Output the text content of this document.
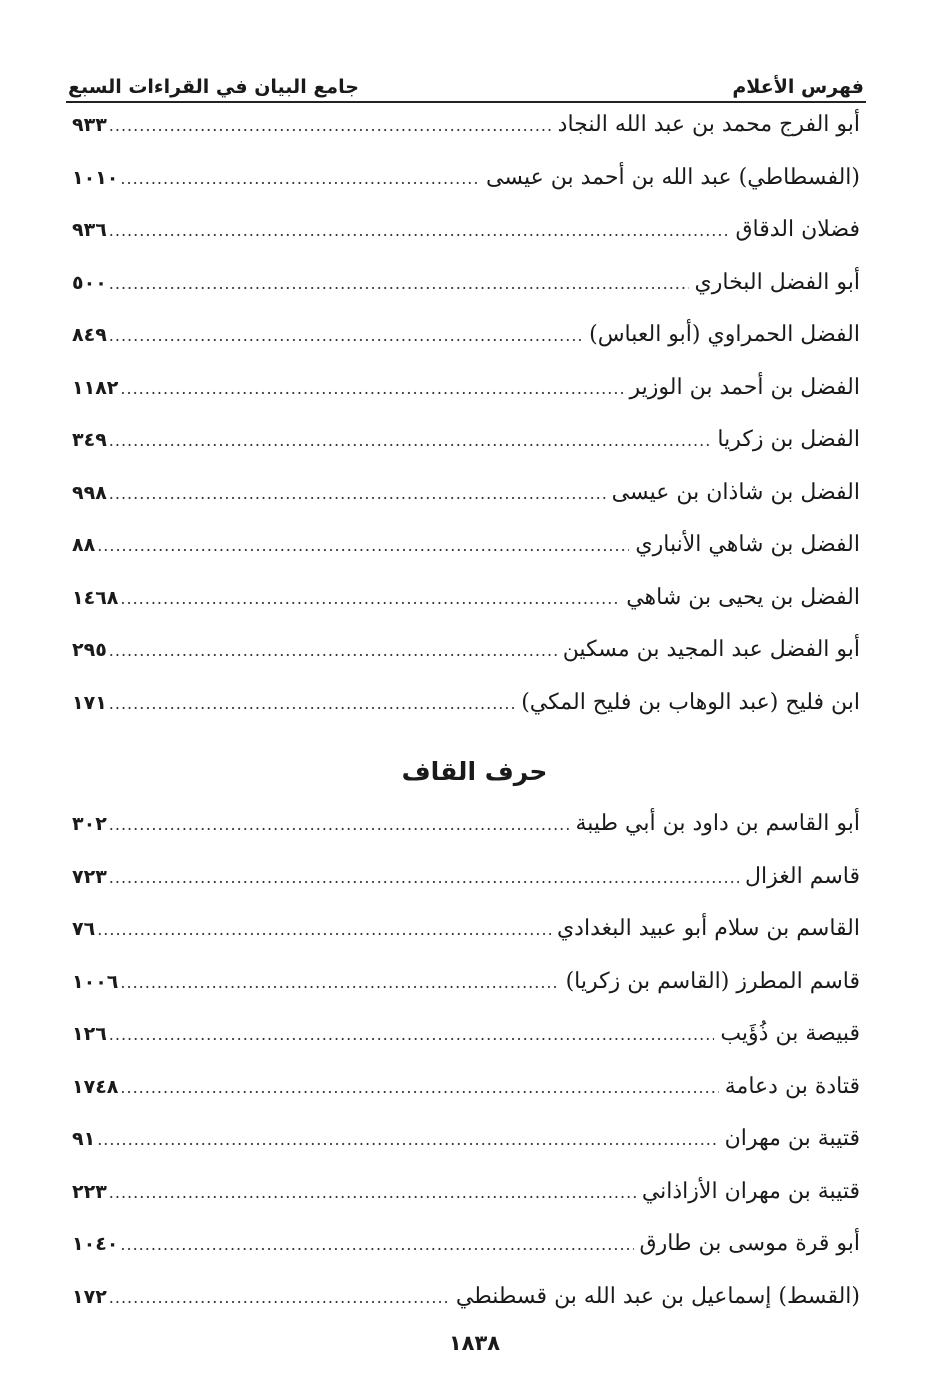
فهرس الأعلام
جامع البيان في القراءات السبع
أبو الفرج محمد بن عبد الله النجاد
.....
٩٣٣
(الفسطاطي) عبد الله بن أحمد بن عيسى
.....
١٠١٠
فضلان الدقاق
.....
٩٣٦
أبو الفضل البخاري
.....
٥٠٠
الفضل الحمراوي (أبو العباس)
.....
٨٤٩
الفضل بن أحمد بن الوزير
.....
١١٨٢
الفضل بن زكريا
.....
٣٤٩
الفضل بن شاذان بن عيسى
.....
٩٩٨
الفضل بن شاهي الأنباري
.....
٨٨
الفضل بن يحيى بن شاهي
.....
١٤٦٨
أبو الفضل عبد المجيد بن مسكين
.....
٢٩٥
ابن فليح (عبد الوهاب بن فليح المكي)
.....
١٧١
حرف القاف
أبو القاسم بن داود بن أبي طيبة
.....
٣٠٢
قاسم الغزال
.....
٧٢٣
القاسم بن سلام أبو عبيد البغدادي
.....
٧٦
قاسم المطرز (القاسم بن زكريا)
.....
١٠٠٦
قبيصة بن ذُؤَيب
.....
١٢٦
قتادة بن دعامة
.....
١٧٤٨
قتيبة بن مهران
.....
٩١
قتيبة بن مهران الأزاذاني
.....
٢٢٣
أبو قرة موسى بن طارق
.....
١٠٤٠
(القسط) إسماعيل بن عبد الله بن قسطنطي
.....
١٧٢
١٨٣٨
